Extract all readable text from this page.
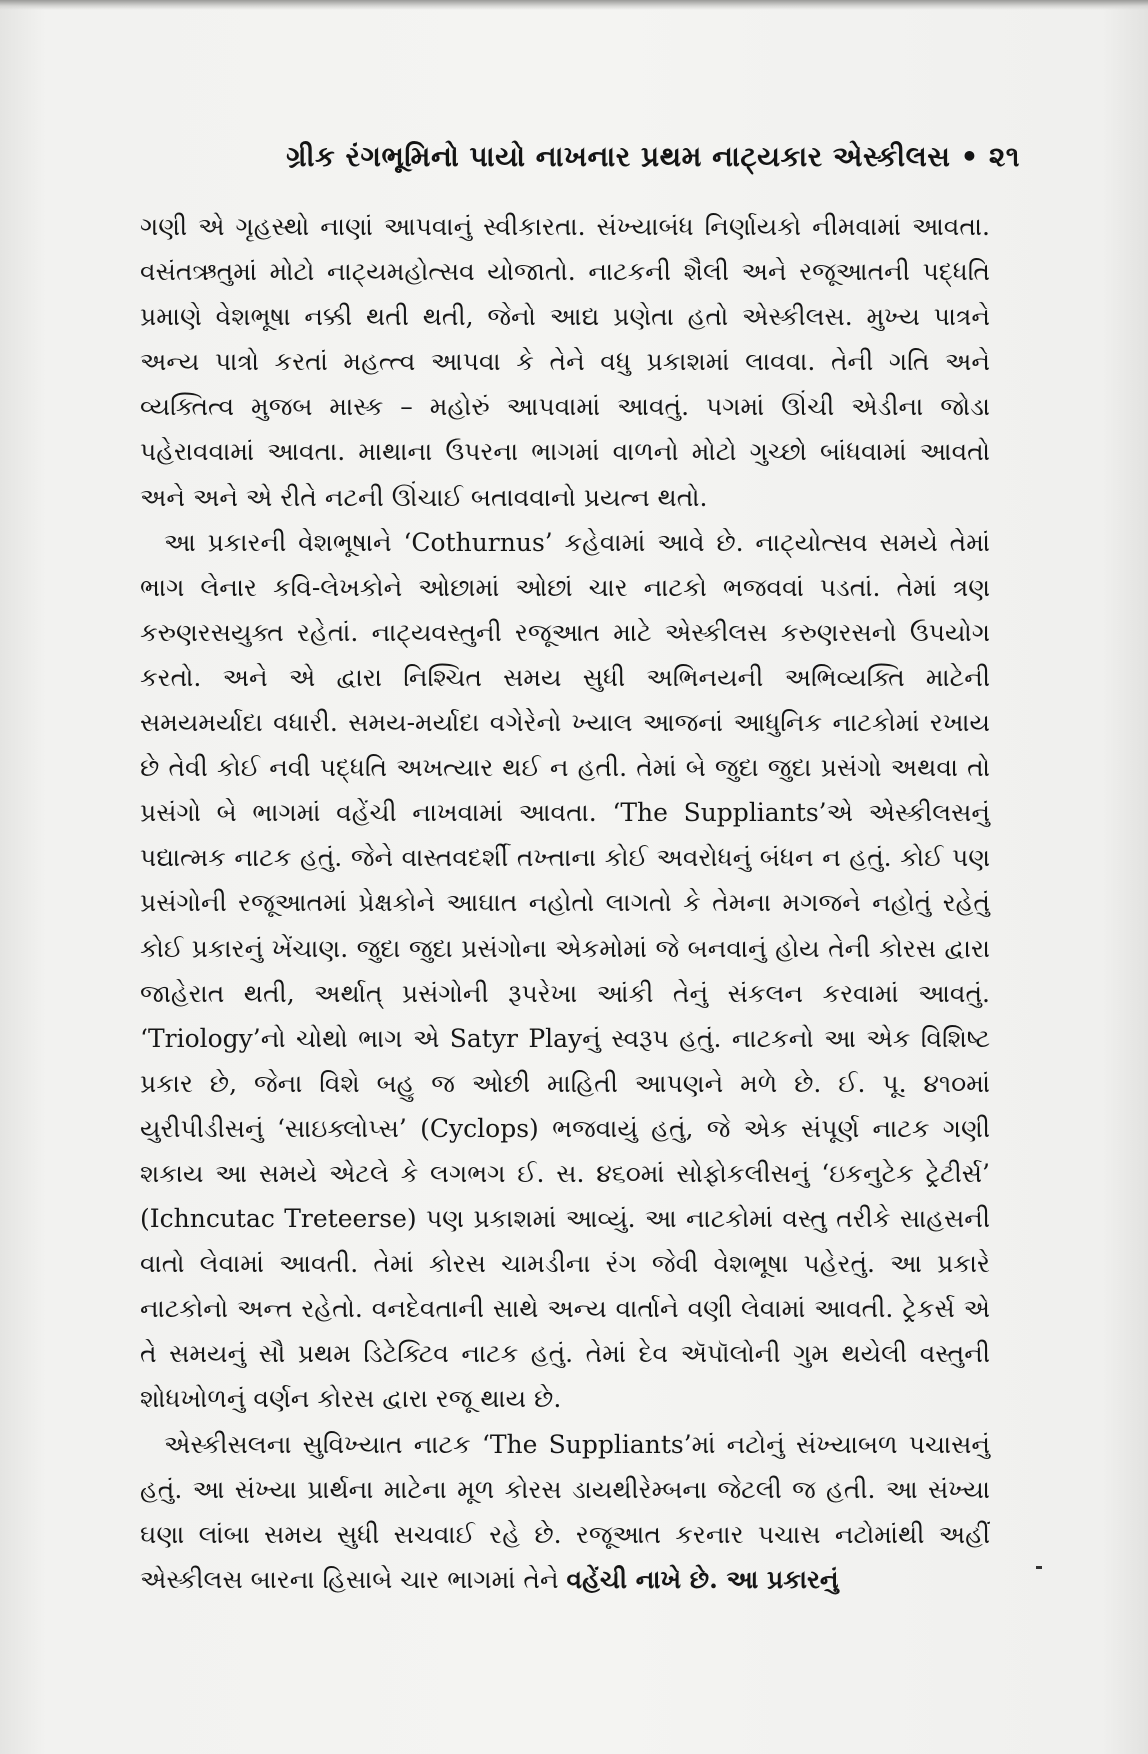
ગ્રીક રંગભૂમિનો પાયો નાખનાર પ્રથમ નાટ્યકાર એસ્કીલસ • ૨૧

ગણી એ ગૃહસ્થો નાણાં આપવાનું સ્વીકારતા. સંખ્યાબંધ નિર્ણાયકો નીમવામાં આવતા. વસંતઋતુમાં મોટો નાટ્યમહોત્સવ યોજાતો. નાટકની શૈલી અને રજૂઆતની પદ્ધતિ પ્રમાણે વેશભૂષા નક્કી થતી થતી, જેનો આદ્ય પ્રણેતા હતો એસ્કીલસ. મુખ્ય પાત્રને અન્ય પાત્રો કરતાં મહત્ત્વ આપવા કે તેને વધુ પ્રકાશમાં લાવવા. તેની ગતિ અને વ્યક્તિત્વ મુજબ માસ્ક – મહોરું આપવામાં આવતું. પગમાં ઊંચી એડીના જોડા પહેરાવવામાં આવતા. માથાના ઉપરના ભાગમાં વાળનો મોટો ગુચ્છો બાંધવામાં આવતો અને અને એ રીતે નટની ઊંચાઈ બતાવવાનો પ્રયત્ન થતો.

આ પ્રકારની વેશભૂષાને ‘Cothurnus’ કહેવામાં આવે છે. નાટ્યોત્સવ સમયે તેમાં ભાગ લેનાર કવિ-લેખકોને ઓછામાં ઓછાં ચાર નાટકો ભજવવાં પડતાં. તેમાં ત્રણ કરુણરસયુક્ત રહેતાં. નાટ્યવસ્તુની રજૂઆત માટે એસ્કીલસ કરુણરસનો ઉપયોગ કરતો. અને એ દ્વારા નિશ્ચિત સમય સુધી અભિનયની અભિવ્યક્તિ માટેની સમયમર્યાદા વધારી. સમય-મર્યાદા વગેરેનો ખ્યાલ આજનાં આધુનિક નાટકોમાં રખાય છે તેવી કોઈ નવી પદ્ધતિ અખત્યાર થઈ ન હતી. તેમાં બે જુદા જુદા પ્રસંગો અથવા તો પ્રસંગો બે ભાગમાં વહેંચી નાખવામાં આવતા. ‘The Suppliants’એ એસ્કીલસનું પદ્યાત્મક નાટક હતું. જેને વાસ્તવદર્શી તખ્તાના કોઈ અવરોધનું બંધન ન હતું. કોઈ પણ પ્રસંગોની રજૂઆતમાં પ્રેક્ષકોને આઘાત નહોતો લાગતો કે તેમના મગજને નહોતું રહેતું કોઈ પ્રકારનું ખેંચાણ. જુદા જુદા પ્રસંગોના એકમોમાં જે બનવાનું હોય તેની કોરસ દ્વારા જાહેરાત થતી, અર્થાત્ પ્રસંગોની રૂપરેખા આંકી તેનું સંકલન કરવામાં આવતું. ‘Triology’નો ચોથો ભાગ એ Satyr Playનું સ્વરૂપ હતું. નાટકનો આ એક વિશિષ્ટ પ્રકાર છે, જેના વિશે બહુ જ ઓછી માહિતી આપણને મળે છે. ઈ. પૂ. ૪૧૦માં યુરીપીડીસનું ‘સાઇક્લોપ્સ’ (Cyclops) ભજવાયું હતું, જે એક સંપૂર્ણ નાટક ગણી શકાય આ સમયે એટલે કે લગભગ ઈ. સ. ૪૬૦માં સોફોકલીસનું ‘ઇકનુટેક ટ્રેટીર્સ’ (Ichncutac Treteerse) પણ પ્રકાશમાં આવ્યું. આ નાટકોમાં વસ્તુ તરીકે સાહસની વાતો લેવામાં આવતી. તેમાં કોરસ ચામડીના રંગ જેવી વેશભૂષા પહેરતું. આ પ્રકારે નાટકોનો અન્ત રહેતો. વનદેવતાની સાથે અન્ય વાર્તાને વણી લેવામાં આવતી. ટ્રેકર્સ એ તે સમયનું સૌ પ્રથમ ડિટેક્ટિવ નાટક હતું. તેમાં દેવ ઍપૉલોની ગુમ થયેલી વસ્તુની શોધખોળનું વર્ણન કોરસ દ્વારા રજૂ થાય છે.

એસ્કીસલના સુવિખ્યાત નાટક ‘The Suppliants’માં નટોનું સંખ્યાબળ પચાસનું હતું. આ સંખ્યા પ્રાર્થના માટેના મૂળ કોરસ ડાયથીરેમ્બના જેટલી જ હતી. આ સંખ્યા ઘણા લાંબા સમય સુધી સચવાઈ રહે છે. રજૂઆત કરનાર પચાસ નટોમાંથી અહીં એસ્કીલસ બારના હિસાબે ચાર ભાગમાં તેને વહેંચી નાખે છે. આ પ્રકારનું
